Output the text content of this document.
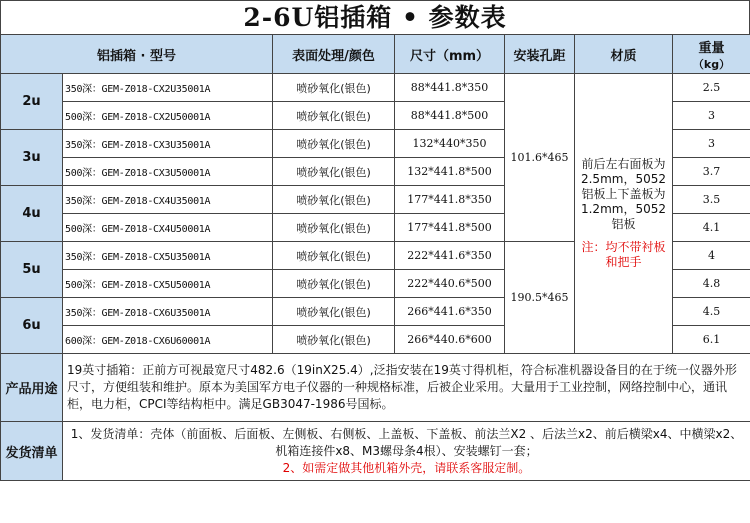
2-6U铝插箱 • 参数表
铝插箱 · 型号		表面处理/颜色	尺寸（mm）	安装孔距	材质	重量
（kg）
2u	350深：GEM-Z018-CX2U35001A	喷砂氧化(银色)	88*441.8*350	101.6*465	前后左右面板为2.5mm，5052铝板上下盖板为1.2mm，5052铝板
注：均不带衬板和把手	2.5
	500深：GEM-Z018-CX2U50001A	喷砂氧化(银色)	88*441.8*500			3
3u	350深：GEM-Z018-CX3U35001A	喷砂氧化(银色)	132*440*350			3
	500深：GEM-Z018-CX3U50001A	喷砂氧化(银色)	132*441.8*500			3.7
4u	350深：GEM-Z018-CX4U35001A	喷砂氧化(银色)	177*441.8*350			3.5
	500深：GEM-Z018-CX4U50001A	喷砂氧化(银色)	177*441.8*500			4.1
5u	350深：GEM-Z018-CX5U35001A	喷砂氧化(银色)	222*441.6*350	190.5*465		4
	500深：GEM-Z018-CX5U50001A	喷砂氧化(银色)	222*440.6*500			4.8
6u	350深：GEM-Z018-CX6U35001A	喷砂氧化(银色)	266*441.6*350			4.5
	600深：GEM-Z018-CX6U60001A	喷砂氧化(银色)	266*440.6*600			6.1
产品用途	19英寸插箱：正前方可视最宽尺寸482.6（19inX25.4）,泛指安装在19英寸得机柜，符合标准机器设备目的在于统一仪器外形尺寸，方便组装和维护。原本为美国军方电子仪器的一种规格标准，后被企业采用。大量用于工业控制，网络控制中心，通讯柜，电力柜，CPCI等结构柜中。满足GB3047-1986号国标。					
发货清单	1、发货清单：壳体（前面板、后面板、左侧板、右侧板、上盖板、下盖板、前法兰X2 、后法兰x2、前后横梁x4、中横梁x2、机箱连接件x8、M3螺母条4根）、安装螺钉一套；
2、如需定做其他机箱外壳，请联系客服定制。					
